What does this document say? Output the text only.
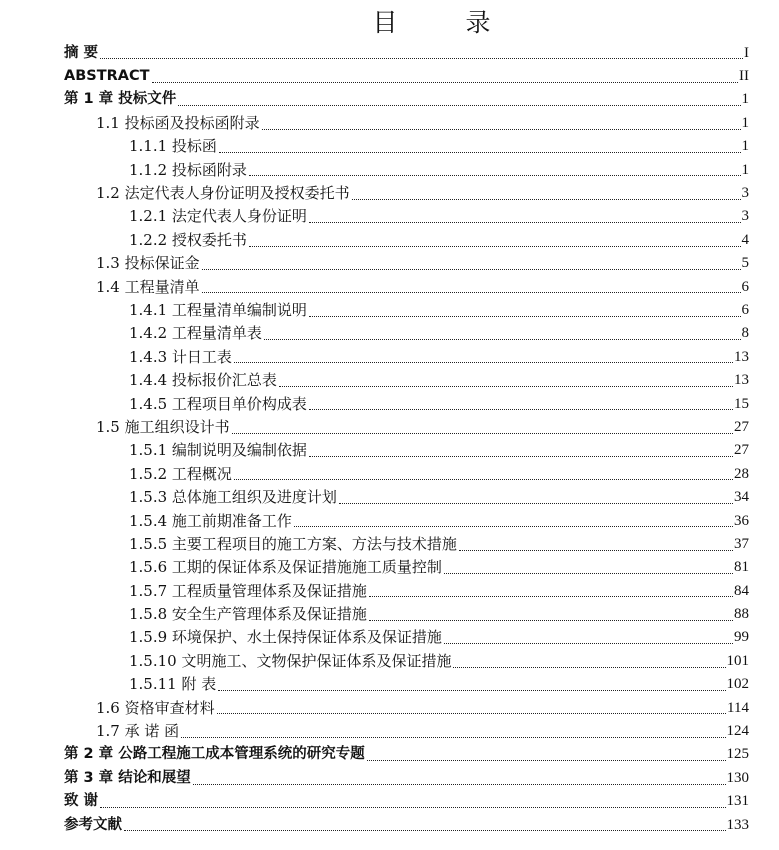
目 录
摘 要	I
ABSTRACT	II
第 1 章 投标文件	1
1.1 投标函及投标函附录	1
1.1.1 投标函	1
1.1.2 投标函附录	1
1.2 法定代表人身份证明及授权委托书	3
1.2.1 法定代表人身份证明	3
1.2.2 授权委托书	4
1.3 投标保证金	5
1.4 工程量清单	6
1.4.1 工程量清单编制说明	6
1.4.2 工程量清单表	8
1.4.3 计日工表	13
1.4.4 投标报价汇总表	13
1.4.5 工程项目单价构成表	15
1.5 施工组织设计书	27
1.5.1 编制说明及编制依据	27
1.5.2 工程概况	28
1.5.3 总体施工组织及进度计划	34
1.5.4 施工前期准备工作	36
1.5.5 主要工程项目的施工方案、方法与技术措施	37
1.5.6 工期的保证体系及保证措施施工质量控制	81
1.5.7 工程质量管理体系及保证措施	84
1.5.8 安全生产管理体系及保证措施	88
1.5.9 环境保护、水土保持保证体系及保证措施	99
1.5.10 文明施工、文物保护保证体系及保证措施	101
1.5.11 附 表	102
1.6 资格审查材料	114
1.7 承 诺 函	124
第 2 章 公路工程施工成本管理系统的研究专题	125
第 3 章 结论和展望	130
致 谢	131
参考文献	133
